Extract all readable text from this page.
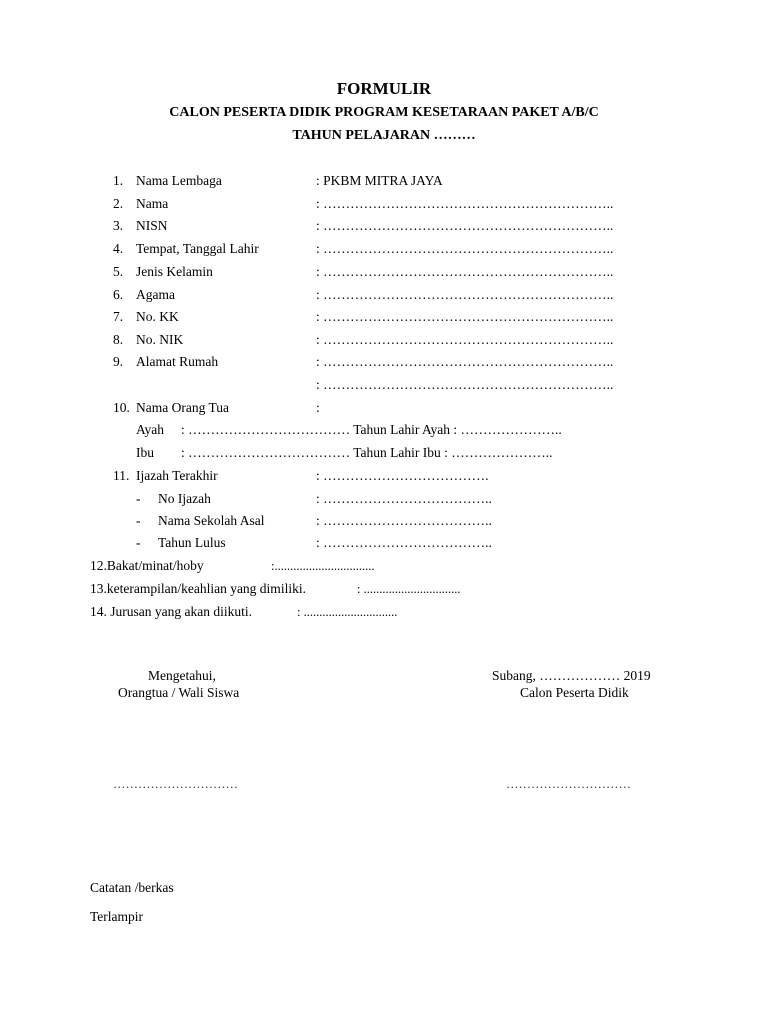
FORMULIR
CALON PESERTA DIDIK PROGRAM KESETARAAN PAKET A/B/C
TAHUN PELAJARAN ………
1. Nama Lembaga	: PKBM MITRA JAYA
2. Nama	: ………………………………………………………..
3. NISN	: ………………………………………………………..
4. Tempat, Tanggal Lahir	: ………………………………………………………..
5. Jenis Kelamin	: ………………………………………………………..
6. Agama	: ………………………………………………………..
7. No. KK	: ………………………………………………………..
8. No. NIK	: ………………………………………………………..
9. Alamat Rumah	: ………………………………………………………..
: ………………………………………………………..
10. Nama Orang Tua	:
Ayah : ……………………………… Tahun Lahir Ayah : …………………..
Ibu : ……………………………… Tahun Lahir Ibu : …………………..
11. Ijazah Terakhir	: ……………………………….
- No Ijazah	: ………………………………..
- Nama Sekolah Asal	: ………………………………..
- Tahun Lulus	: ………………………………..
12.Bakat/minat/hoby	:................................
13.keterampilan/keahlian yang dimiliki.	: ...............................
14. Jurusan yang akan diikuti.	: ..............................
Mengetahui,
Orangtua / Wali Siswa
Subang, ……………… 2019
Calon Peserta Didik
…………………………	…………………………
Catatan /berkas
Terlampir
